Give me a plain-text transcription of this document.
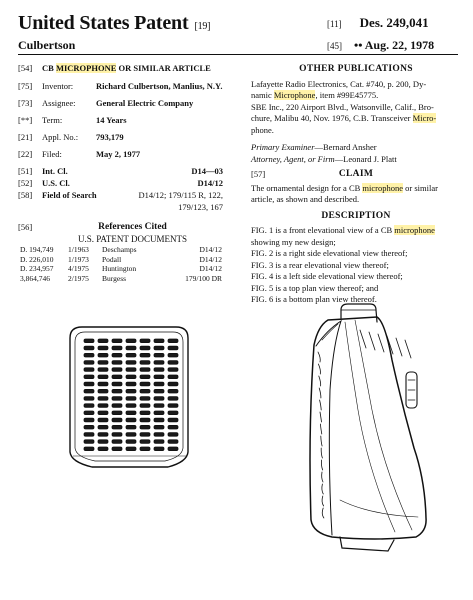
United States Patent [19]
Culbertson
[11] Des. 249,041
[45] •• Aug. 22, 1978
[54]	CB MICROPHONE OR SIMILAR ARTICLE
[75]	Inventor:	Richard Culbertson, Manlius, N.Y.
[73]	Assignee:	General Electric Company
[**]	Term:	14 Years
[21]	Appl. No.:	793,179
[22]	Filed:	May 2, 1977
[51]	Int. Cl.	D14—03
[52]	U.S. Cl.	D14/12
[58]	Field of Search	D14/12; 179/115 R, 122,
179/123, 167
[56]	References Cited
U.S. PATENT DOCUMENTS
D. 194,749	1/1963	Deschamps	D14/12
D. 226,010	1/1973	Podall	D14/12
D. 234,957	4/1975	Huntington	D14/12
3,864,746	2/1975	Burgess	179/100 DR
OTHER PUBLICATIONS
Lafayette Radio Electronics, Cat. #740, p. 200, Dy-
namic Microphone, item #99E45775.
SBE Inc., 220 Airport Blvd., Watsonville, Calif., Bro-
chure, Malibu 40, Nov. 1976, C.B. Transceiver Micro-
phone.
Primary Examiner—Bernard Ansher
Attorney, Agent, or Firm—Leonard J. Platt
[57]	CLAIM
The ornamental design for a CB microphone or similar article, as shown and described.
DESCRIPTION
FIG. 1 is a front elevational view of a CB microphone showing my new design;
FIG. 2 is a right side elevational view thereof;
FIG. 3 is a rear elevational view thereof;
FIG. 4 is a left side elevational view thereof;
FIG. 5 is a top plan view thereof; and
FIG. 6 is a bottom plan view thereof.
